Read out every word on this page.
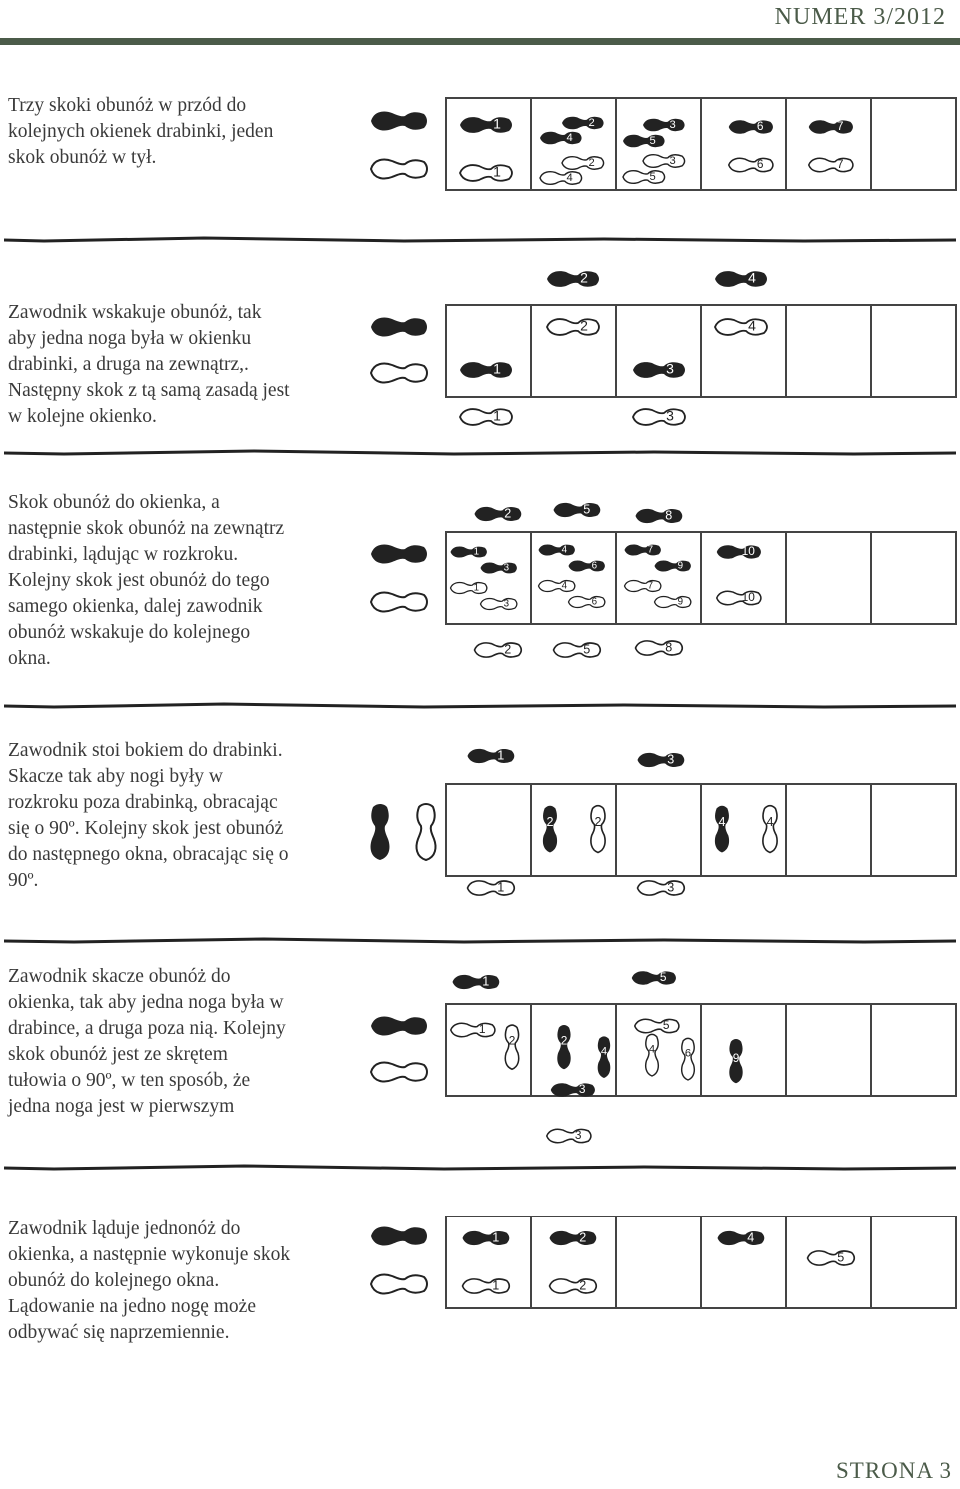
NUMER 3/2012

Trzy skoki obunóż w przód do
kolejnych okienek drabinki, jeden
skok obunóż w tył.

1
1
2
4
2
4
3
5
3
5
6
6
7
7

Zawodnik wskakuje obunóż, tak
aby jedna noga była w okienku
drabinki, a druga na zewnątrz,.
Następny skok z tą samą zasadą jest
w kolejne okienko.

1
1
2
2
3
3
4
4

Skok obunóż do okienka, a
następnie skok obunóż na zewnątrz
drabinki, lądując w rozkroku.
Kolejny skok jest obunóż do tego
samego okienka, dalej zawodnik
obunóż wskakuje do kolejnego
okna.

2	5	8
1
3
1
3
4
6
4
6
7
9
7
9
10
10
2	5	8

Zawodnik stoi bokiem do drabinki.
Skacze tak aby nogi były w
rozkroku poza drabinką, obracając
się o 90º. Kolejny skok jest obunóż
do następnego okna, obracając się o
90º.

1	3
2	2	4	4
1	3

Zawodnik skacze obunóż do
okienka, tak aby jedna noga była w
drabince, a druga poza nią. Kolejny
skok obunóż jest ze skrętem
tułowia o 90º, w ten sposób, że
jedna noga jest w pierwszym

1
1
2	2
4
3
3
5
5
4 6	9

Zawodnik ląduje jednonóż do
okienka, a następnie wykonuje skok
obunóż do kolejnego okna.
Lądowanie na jedno nogę może
odbywać się naprzemiennie.

1
1
2
2
4
5
STRONA 3
